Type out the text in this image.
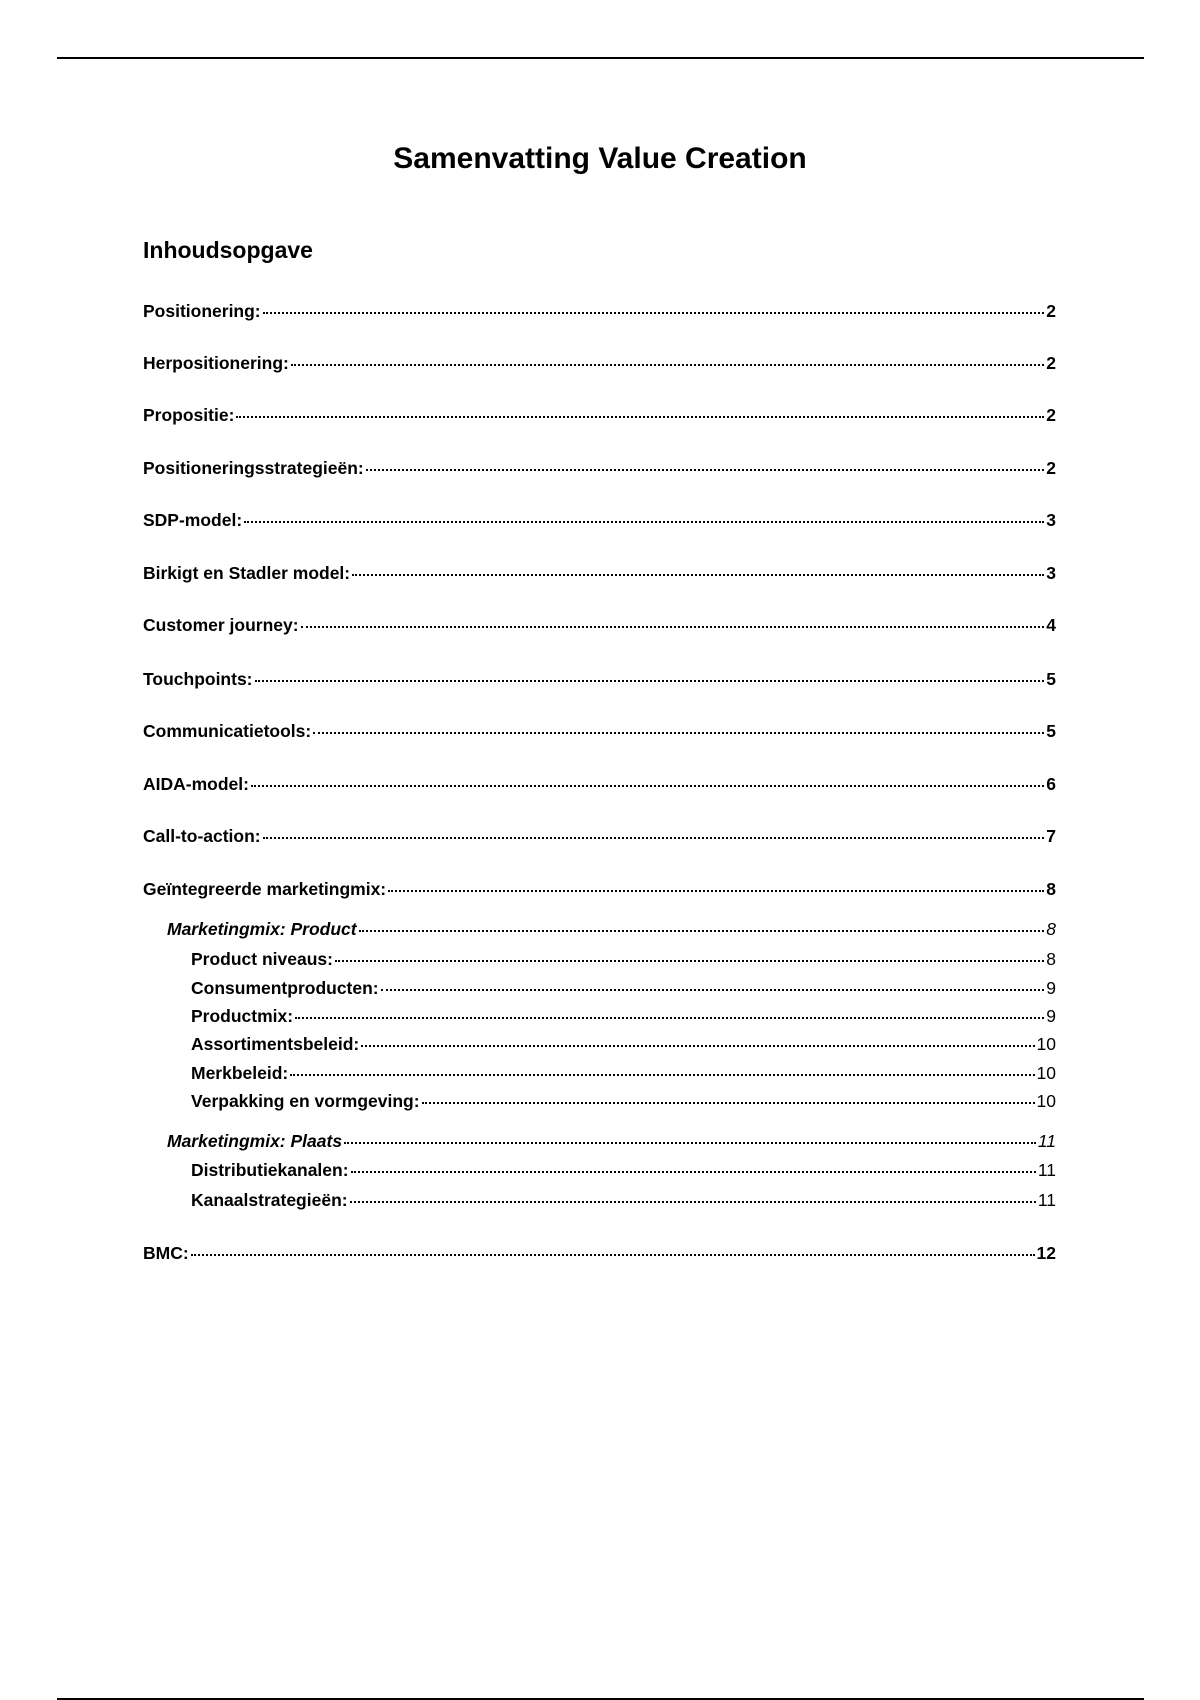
Samenvatting Value Creation
Inhoudsopgave
Positionering:	2
Herpositionering:	2
Propositie:	2
Positioneringsstrategieën:	2
SDP-model:	3
Birkigt en Stadler model:	3
Customer journey:	4
Touchpoints:	5
Communicatietools:	5
AIDA-model:	6
Call-to-action:	7
Geïntegreerde marketingmix:	8
Marketingmix: Product	8
Product niveaus:	8
Consumentproducten:	9
Productmix:	9
Assortimentsbeleid:	10
Merkbeleid:	10
Verpakking en vormgeving:	10
Marketingmix: Plaats	11
Distributiekanalen:	11
Kanaalstrategieën:	11
BMC:	12
